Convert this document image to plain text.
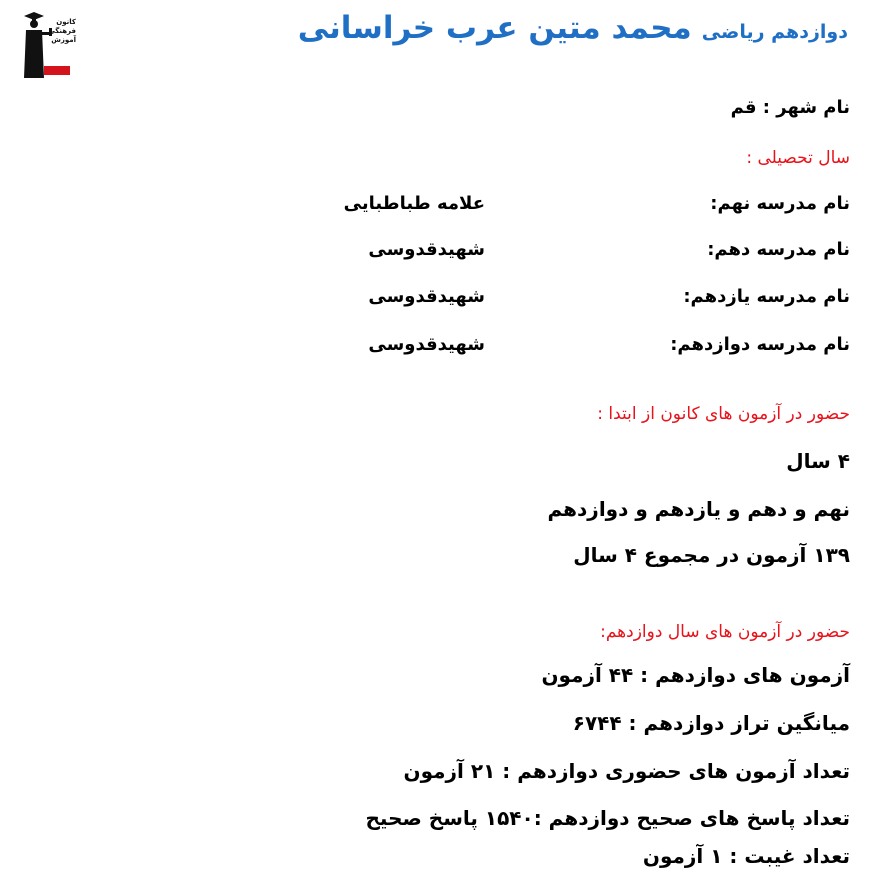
کانون
فرهنگی
آموزش
قلم چی
محمد متین عرب خراسانی دوازدهم ریاضی
نام شهر : قم
سال تحصیلی :
نام مدرسه نهم:
علامه طباطبایی
نام مدرسه دهم:
شهیدقدوسی
نام مدرسه یازدهم:
شهیدقدوسی
نام مدرسه دوازدهم:
شهیدقدوسی
حضور در آزمون های کانون از ابتدا :
۴ سال
نهم و دهم و یازدهم و دوازدهم
۱۳۹ آزمون در مجموع ۴ سال
حضور در آزمون های سال دوازدهم:
آزمون های دوازدهم : ۴۴ آزمون
میانگین تراز دوازدهم : ۶۷۴۴
تعداد آزمون های حضوری دوازدهم : ۲۱ آزمون
تعداد پاسخ های صحیح دوازدهم :۱۵۴۰ پاسخ صحیح
تعداد غیبت : ۱ آزمون
